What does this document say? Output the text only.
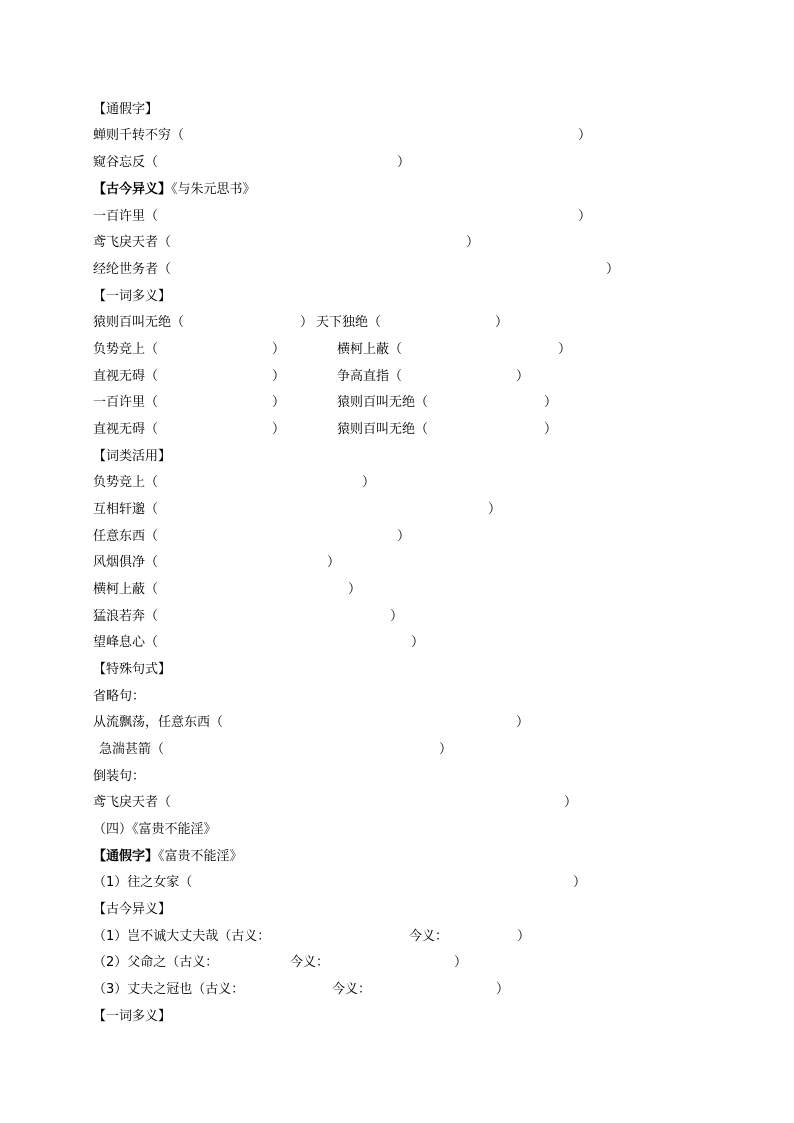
【通假字】
蝉则千转不穷（	）
窥谷忘反（	）
【古今异义】《与朱元思书》
一百许里（	）
鸢飞戾天者（	）
经纶世务者（	）
【一词多义】
猿则百叫无绝（	） 天下独绝（	）
负势竞上（	）	横柯上蔽（	）
直视无碍（	）	争高直指（	）
一百许里（	）	猿则百叫无绝（	）
直视无碍（	）	猿则百叫无绝（	）
【词类活用】
负势竞上（	）
互相轩邈（	）
任意东西（	）
风烟俱净（	）
横柯上蔽（	）
猛浪若奔（	）
望峰息心（	）
【特殊句式】
省略句：
从流飘荡，任意东西（	）
急湍甚箭（	）
倒装句：
鸢飞戾天者（	）
（四）《富贵不能淫》
【通假字】《富贵不能淫》
（1）往之女家（	）
【古今异义】
（1）岂不诚大丈夫哉（古义：	今义：	）
（2）父命之（古义：	今义：	）
（3）丈夫之冠也（古义：	今义：	）
【一词多义】
